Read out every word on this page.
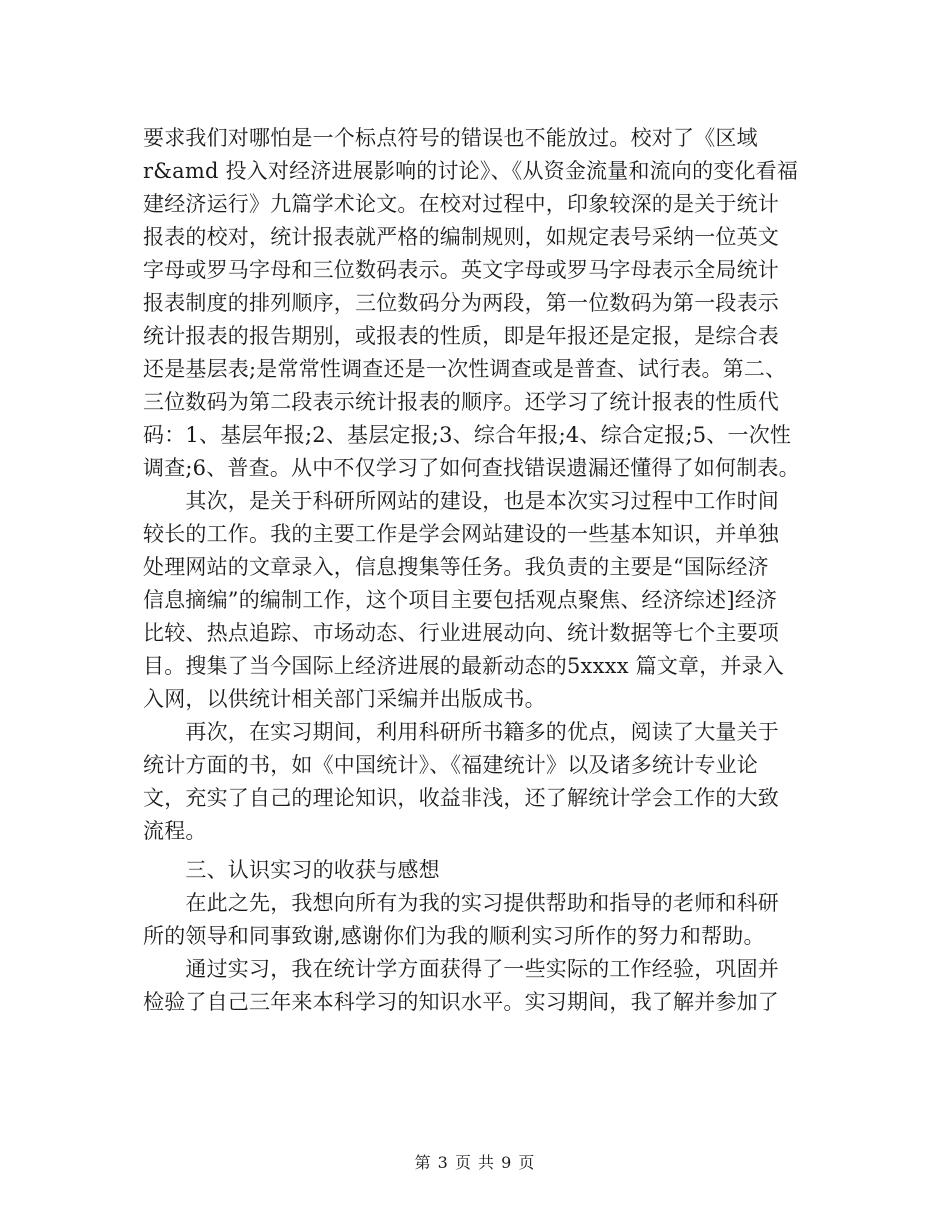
要求我们对哪怕是一个标点符号的错误也不能放过。校对了《区域
r&amd 投入对经济进展影响的讨论》、《从资金流量和流向的变化看福
建经济运行》九篇学术论文。在校对过程中，印象较深的是关于统计
报表的校对，统计报表就严格的编制规则，如规定表号采纳一位英文
字母或罗马字母和三位数码表示。英文字母或罗马字母表示全局统计
报表制度的排列顺序，三位数码分为两段，第一位数码为第一段表示
统计报表的报告期别，或报表的性质，即是年报还是定报，是综合表
还是基层表;是常常性调查还是一次性调查或是普查、试行表。第二、
三位数码为第二段表示统计报表的顺序。还学习了统计报表的性质代
码：1、基层年报;2、基层定报;3、综合年报;4、综合定报;5、一次性
调查;6、普查。从中不仅学习了如何查找错误遗漏还懂得了如何制表。
　　其次，是关于科研所网站的建设，也是本次实习过程中工作时间
较长的工作。我的主要工作是学会网站建设的一些基本知识，并单独
处理网站的文章录入，信息搜集等任务。我负责的主要是“国际经济
信息摘编”的编制工作，这个项目主要包括观点聚焦、经济综述]经济
比较、热点追踪、市场动态、行业进展动向、统计数据等七个主要项
目。搜集了当今国际上经济进展的最新动态的5xxxx 篇文章，并录入
入网，以供统计相关部门采编并出版成书。
　　再次，在实习期间，利用科研所书籍多的优点，阅读了大量关于
统计方面的书，如《中国统计》、《福建统计》以及诸多统计专业论
文，充实了自己的理论知识，收益非浅，还了解统计学会工作的大致
流程。
　　三、认识实习的收获与感想
　　在此之先，我想向所有为我的实习提供帮助和指导的老师和科研
所的领导和同事致谢,感谢你们为我的顺利实习所作的努力和帮助。
　　通过实习，我在统计学方面获得了一些实际的工作经验，巩固并
检验了自己三年来本科学习的知识水平。实习期间，我了解并参加了
第 3 页 共 9 页
